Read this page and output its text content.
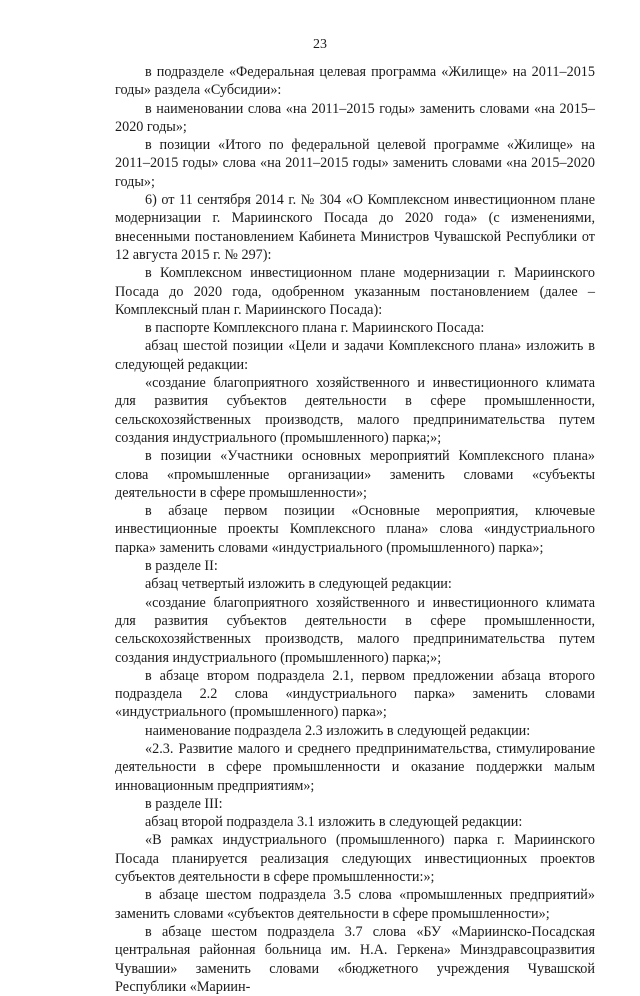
23

в подразделе «Федеральная целевая программа «Жилище» на 2011–2015 годы» раздела «Субсидии»:

в наименовании слова «на 2011–2015 годы» заменить словами «на 2015–2020 годы»;

в позиции «Итого по федеральной целевой программе «Жилище» на 2011–2015 годы» слова «на 2011–2015 годы» заменить словами «на 2015–2020 годы»;

6) от 11 сентября 2014 г. № 304 «О Комплексном инвестиционном плане модернизации г. Мариинского Посада до 2020 года» (с изменениями, внесенными постановлением Кабинета Министров Чувашской Республики от 12 августа 2015 г. № 297):

в Комплексном инвестиционном плане модернизации г. Мариинского Посада до 2020 года, одобренном указанным постановлением (далее – Комплексный план г. Мариинского Посада):

в паспорте Комплексного плана г. Мариинского Посада:

абзац шестой позиции «Цели и задачи Комплексного плана» изложить в следующей редакции:

«создание благоприятного хозяйственного и инвестиционного климата для развития субъектов деятельности в сфере промышленности, сельскохозяйственных производств, малого предпринимательства путем создания индустриального (промышленного) парка;»;

в позиции «Участники основных мероприятий Комплексного плана» слова «промышленные организации» заменить словами «субъекты деятельности в сфере промышленности»;

в абзаце первом позиции «Основные мероприятия, ключевые инвестиционные проекты Комплексного плана» слова «индустриального парка» заменить словами «индустриального (промышленного) парка»;

в разделе II:

абзац четвертый изложить в следующей редакции:

«создание благоприятного хозяйственного и инвестиционного климата для развития субъектов деятельности в сфере промышленности, сельскохозяйственных производств, малого предпринимательства путем создания индустриального (промышленного) парка;»;

в абзаце втором подраздела 2.1, первом предложении абзаца второго подраздела 2.2 слова «индустриального парка» заменить словами «индустриального (промышленного) парка»;

наименование подраздела 2.3 изложить в следующей редакции:

«2.3. Развитие малого и среднего предпринимательства, стимулирование деятельности в сфере промышленности и оказание поддержки малым инновационным предприятиям»;

в разделе III:

абзац второй подраздела 3.1 изложить в следующей редакции:

«В рамках индустриального (промышленного) парка г. Мариинского Посада планируется реализация следующих инвестиционных проектов субъектов деятельности в сфере промышленности:»;

в абзаце шестом подраздела 3.5 слова «промышленных предприятий» заменить словами «субъектов деятельности в сфере промышленности»;

в абзаце шестом подраздела 3.7 слова «БУ «Мариинско-Посадская центральная районная больница им. Н.А. Геркена» Минздравсоцразвития Чувашии» заменить словами «бюджетного учреждения Чувашской Республики «Мариин-
